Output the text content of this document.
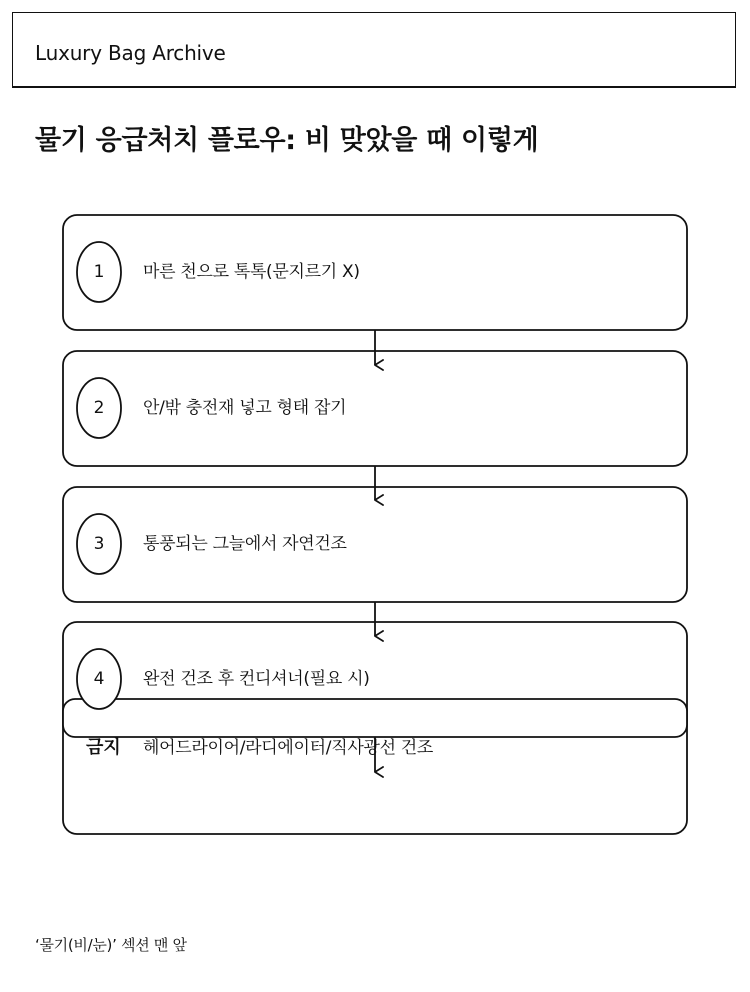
Luxury Bag Archive
물기 응급처치 플로우: 비 맞았을 때 이렇게
1	마른 천으로 톡톡(문지르기 X)
2	안/밖 충전재 넣고 형태 잡기
3	통풍되는 그늘에서 자연건조
4	완전 건조 후 컨디셔너(필요 시)
금지 헤어드라이어/라디에이터/직사광선 건조
‘물기(비/눈)’ 섹션 맨 앞
